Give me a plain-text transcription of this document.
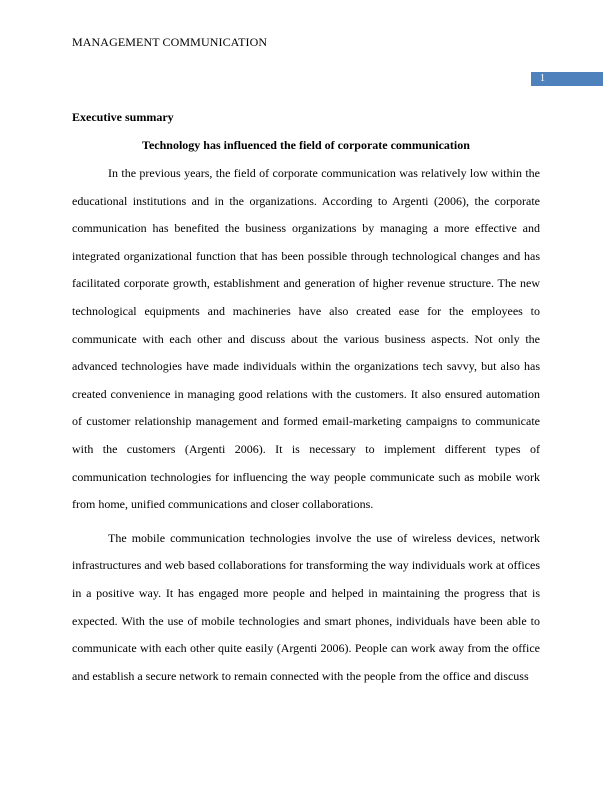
MANAGEMENT COMMUNICATION
1

Executive summary

Technology has influenced the field of corporate communication

In the previous years, the field of corporate communication was relatively low within the educational institutions and in the organizations. According to Argenti (2006), the corporate communication has benefited the business organizations by managing a more effective and integrated organizational function that has been possible through technological changes and has facilitated corporate growth, establishment and generation of higher revenue structure. The new technological equipments and machineries have also created ease for the employees to communicate with each other and discuss about the various business aspects. Not only the advanced technologies have made individuals within the organizations tech savvy, but also has created convenience in managing good relations with the customers. It also ensured automation of customer relationship management and formed email-marketing campaigns to communicate with the customers (Argenti 2006). It is necessary to implement different types of communication technologies for influencing the way people communicate such as mobile work from home, unified communications and closer collaborations.

The mobile communication technologies involve the use of wireless devices, network infrastructures and web based collaborations for transforming the way individuals work at offices in a positive way. It has engaged more people and helped in maintaining the progress that is expected. With the use of mobile technologies and smart phones, individuals have been able to communicate with each other quite easily (Argenti 2006). People can work away from the office and establish a secure network to remain connected with the people from the office and discuss
